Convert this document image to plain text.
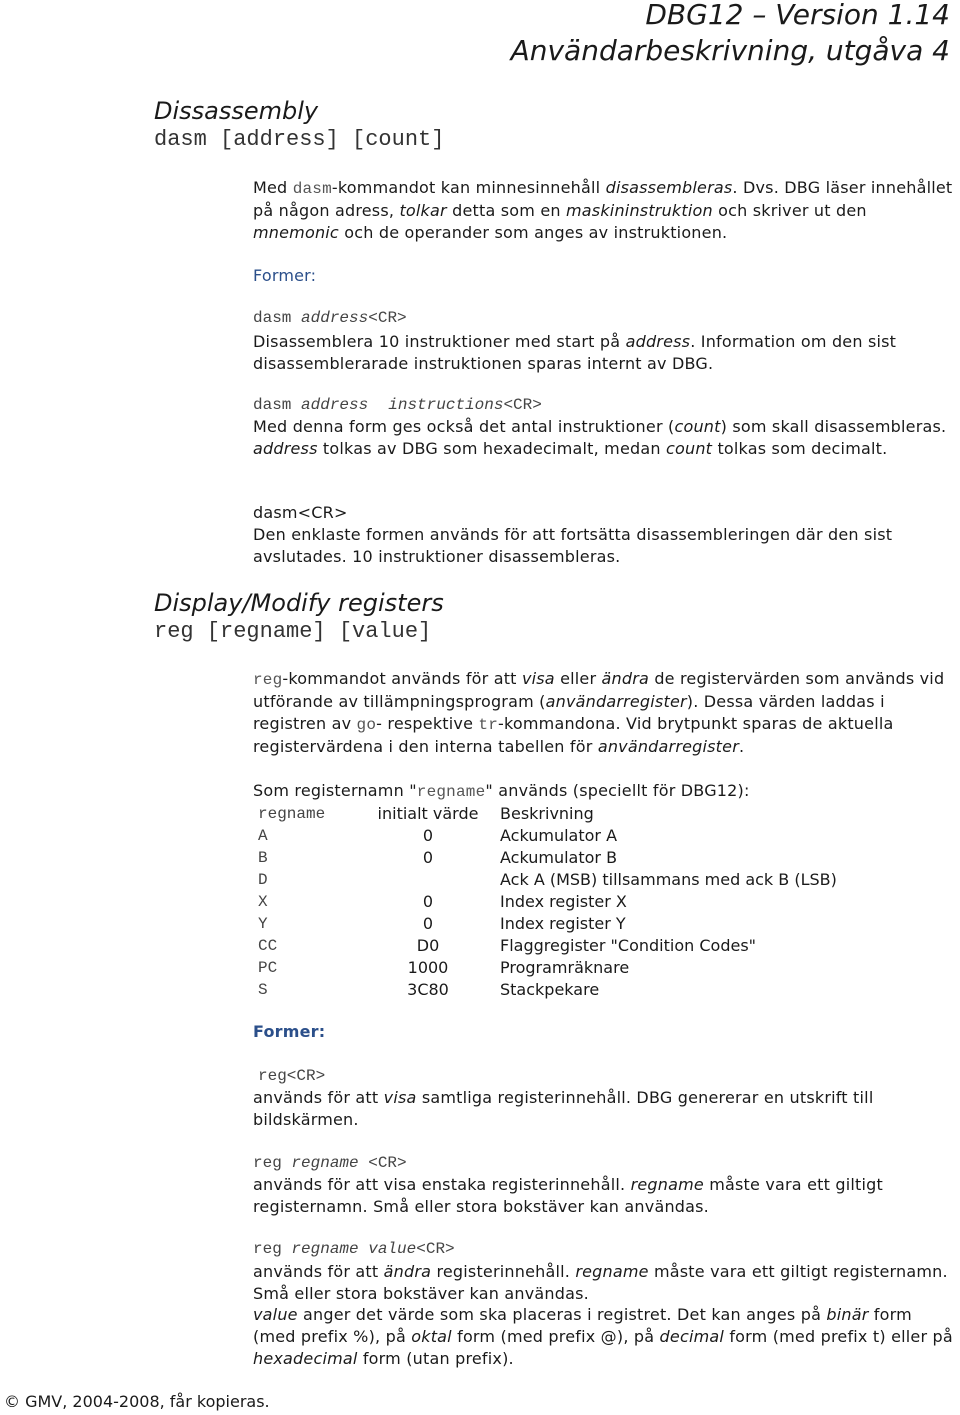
DBG12 – Version 1.14
Användarbeskrivning, utgåva 4
Dissassembly
dasm [address] [count]
Med dasm-kommandot kan minnesinnehåll disassembleras. Dvs. DBG läser innehållet på någon adress, tolkar detta som en maskininstruktion och skriver ut den mnemonic och de operander som anges av instruktionen.
Former:
dasm address<CR>
Disassemblera 10 instruktioner med start på address. Information om den sist disassemblerarade instruktionen sparas internt av DBG.
dasm address instructions<CR>
Med denna form ges också det antal instruktioner (count) som skall disassembleras. address tolkas av DBG som hexadecimalt, medan count tolkas som decimalt.
dasm<CR>
Den enklaste formen används för att fortsätta disassembleringen där den sist avslutades. 10 instruktioner disassembleras.
Display/Modify registers
reg [regname] [value]
reg-kommandot används för att visa eller ändra de registervärden som används vid utförande av tillämpningsprogram (användarregister). Dessa värden laddas i registren av go- respektive tr-kommandona. Vid brytpunkt sparas de aktuella registervärdena i den interna tabellen för användarregister.
Som registernamn "regname" används (speciellt för DBG12):
regname	initialt värde	Beskrivning
A	0	Ackumulator A
B	0	Ackumulator B
D		Ack A (MSB) tillsammans med ack B (LSB)
X	0	Index register X
Y	0	Index register Y
CC	D0	Flaggregister "Condition Codes"
PC	1000	Programräknare
S	3C80	Stackpekare
Former:
reg<CR>
används för att visa samtliga registerinnehåll. DBG genererar en utskrift till bildskärmen.
reg regname <CR>
används för att visa enstaka registerinnehåll. regname måste vara ett giltigt registernamn. Små eller stora bokstäver kan användas.
reg regname value<CR>
används för att ändra registerinnehåll. regname måste vara ett giltigt registernamn. Små eller stora bokstäver kan användas.
value anger det värde som ska placeras i registret. Det kan anges på binär form (med prefix %), på oktal form (med prefix @), på decimal form (med prefix t) eller på hexadecimal form (utan prefix).
© GMV, 2004-2008, får kopieras.
